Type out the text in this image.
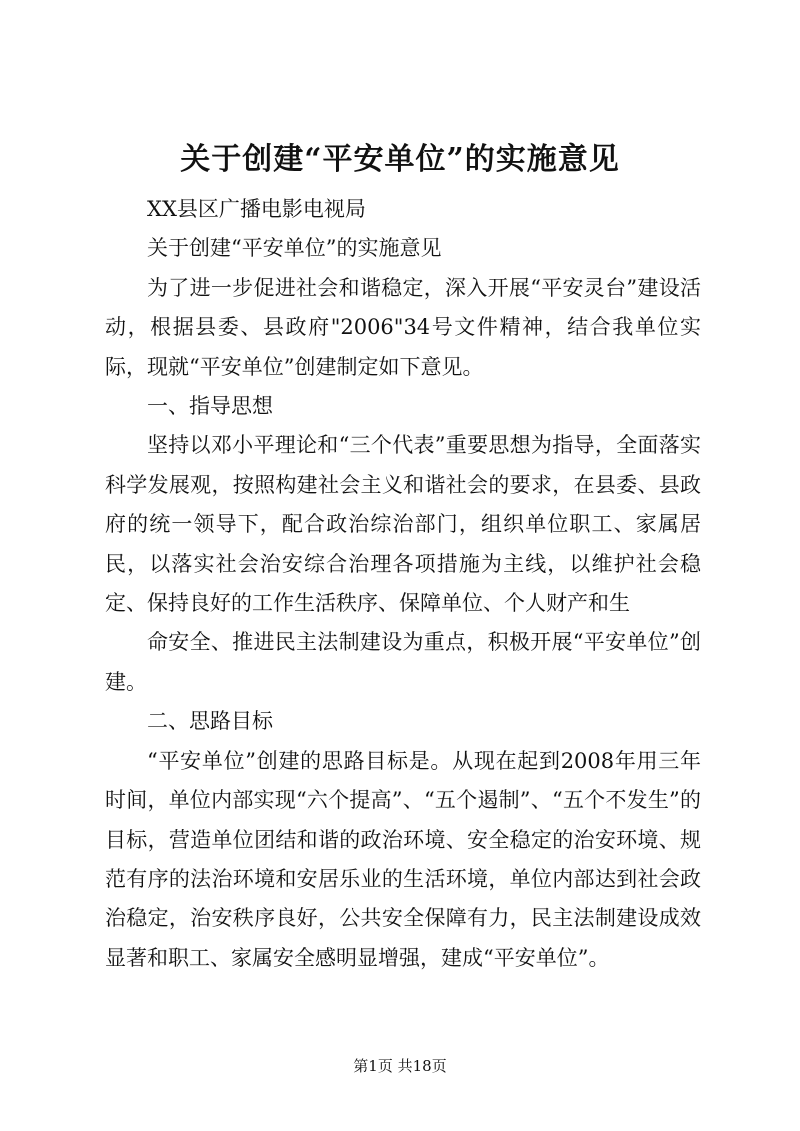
关于创建“平安单位”的实施意见

XX县区广播电影电视局

关于创建“平安单位”的实施意见

为了进一步促进社会和谐稳定，深入开展“平安灵台”建设活动，根据县委、县政府"2006"34号文件精神，结合我单位实际，现就“平安单位”创建制定如下意见。

一、指导思想

坚持以邓小平理论和“三个代表”重要思想为指导，全面落实科学发展观，按照构建社会主义和谐社会的要求，在县委、县政府的统一领导下，配合政治综治部门，组织单位职工、家属居民，以落实社会治安综合治理各项措施为主线，以维护社会稳定、保持良好的工作生活秩序、保障单位、个人财产和生

命安全、推进民主法制建设为重点，积极开展“平安单位”创建。

二、思路目标

“平安单位”创建的思路目标是。从现在起到2008年用三年时间，单位内部实现“六个提高”、“五个遏制”、“五个不发生”的目标，营造单位团结和谐的政治环境、安全稳定的治安环境、规范有序的法治环境和安居乐业的生活环境，单位内部达到社会政治稳定，治安秩序良好，公共安全保障有力，民主法制建设成效显著和职工、家属安全感明显增强，建成“平安单位”。

第1页 共18页
